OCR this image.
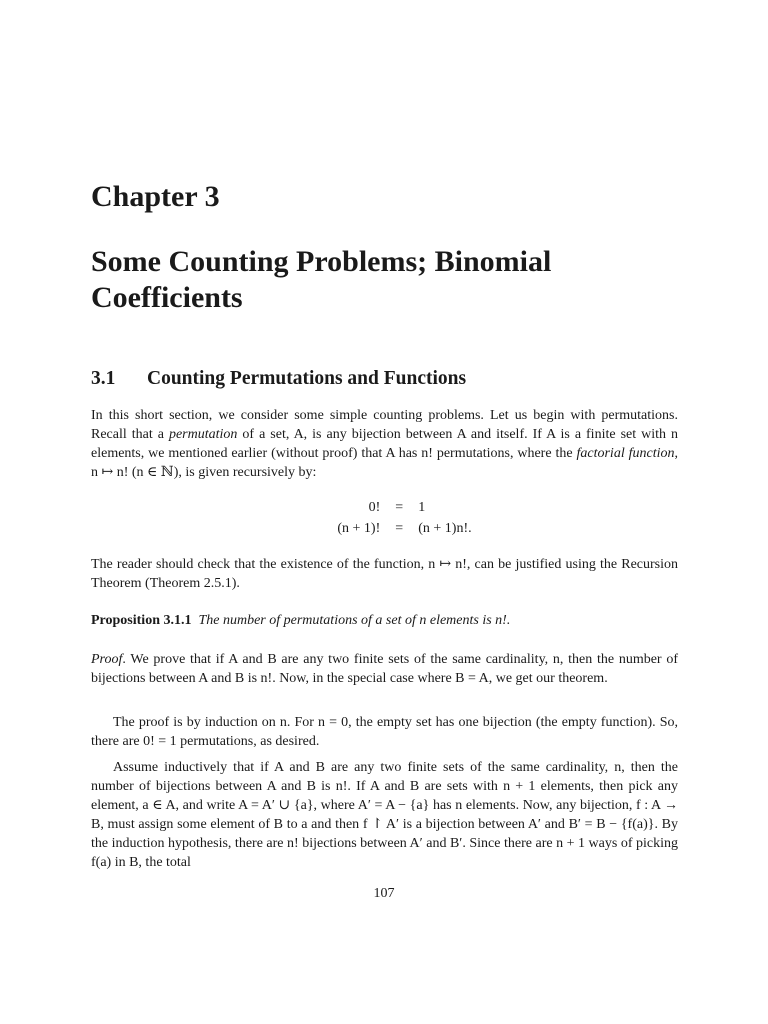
Chapter 3
Some Counting Problems; Binomial Coefficients
3.1 Counting Permutations and Functions

In this short section, we consider some simple counting problems. Let us begin with permutations. Recall that a permutation of a set, A, is any bijection between A and itself. If A is a finite set with n elements, we mentioned earlier (without proof) that A has n! permutations, where the factorial function, n ↦ n! (n ∈ ℕ), is given recursively by:

0!	=	1
(n + 1)!	=	(n + 1)n!.

The reader should check that the existence of the function, n ↦ n!, can be justified using the Recursion Theorem (Theorem 2.5.1).

Proposition 3.1.1 The number of permutations of a set of n elements is n!.

Proof. We prove that if A and B are any two finite sets of the same cardinality, n, then the number of bijections between A and B is n!. Now, in the special case where B = A, we get our theorem.

The proof is by induction on n. For n = 0, the empty set has one bijection (the empty function). So, there are 0! = 1 permutations, as desired.

Assume inductively that if A and B are any two finite sets of the same cardinality, n, then the number of bijections between A and B is n!. If A and B are sets with n + 1 elements, then pick any element, a ∈ A, and write A = A′ ∪ {a}, where A′ = A − {a} has n elements. Now, any bijection, f : A → B, must assign some element of B to a and then f ↾ A′ is a bijection between A′ and B′ = B − {f(a)}. By the induction hypothesis, there are n! bijections between A′ and B′. Since there are n + 1 ways of picking f(a) in B, the total

107
